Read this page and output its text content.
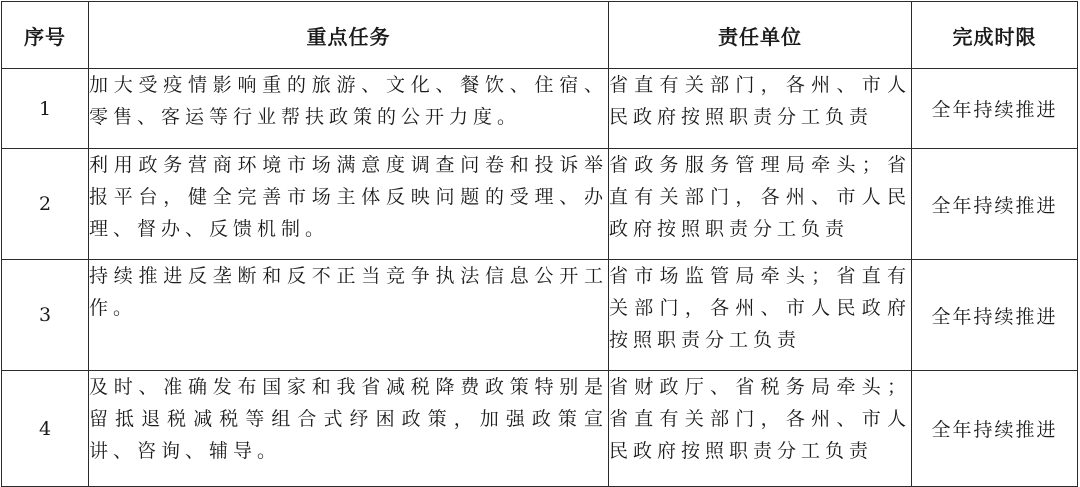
序号	重点任务	责任单位	完成时限
1	加大受疫情影响重的旅游、文化、餐饮、住宿、零售、客运等行业帮扶政策的公开力度。	省直有关部门，各州、市人民政府按照职责分工负责	全年持续推进
2	利用政务营商环境市场满意度调查问卷和投诉举报平台，健全完善市场主体反映问题的受理、办理、督办、反馈机制。	省政务服务管理局牵头；省直有关部门，各州、市人民政府按照职责分工负责	全年持续推进
3	持续推进反垄断和反不正当竞争执法信息公开工作。	省市场监管局牵头；省直有关部门，各州、市人民政府按照职责分工负责	全年持续推进
4	及时、准确发布国家和我省减税降费政策特别是留抵退税减税等组合式纾困政策，加强政策宣讲、咨询、辅导。	省财政厅、省税务局牵头；省直有关部门，各州、市人民政府按照职责分工负责	全年持续推进
